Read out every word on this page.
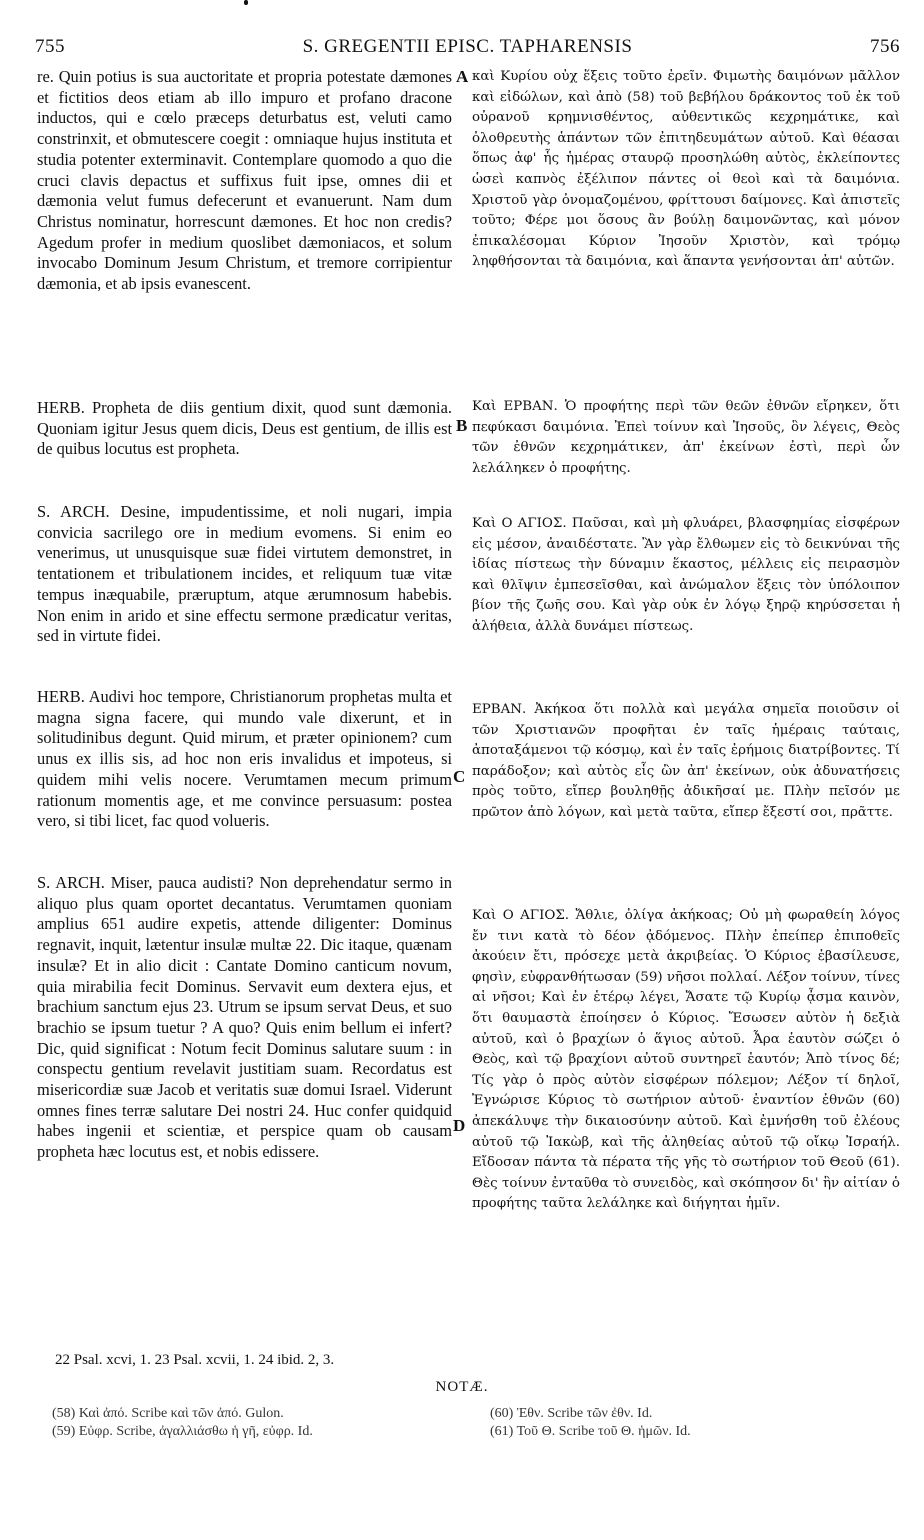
755	S. GREGENTII EPISC. TAPHARENSIS	756

re. Quin potius is sua auctoritate et propria potestate dæmones et fictitios deos etiam ab illo impuro et profano dracone inductos, qui e cœlo præceps deturbatus est, veluti camo constrinxit, et obmutescere coegit : omniaque hujus instituta et studia potenter exterminavit. Contemplare quomodo a quo die cruci clavis depactus et suffixus fuit ipse, omnes dii et dæmonia velut fumus defecerunt et evanuerunt. Nam dum Christus nominatur, horrescunt dæmones. Et hoc non credis? Agedum profer in medium quoslibet dæmoniacos, et solum invocabo Dominum Jesum Christum, et tremore corripientur dæmonia, et ab ipsis evanescent.

HERB. Propheta de diis gentium dixit, quod sunt dæmonia. Quoniam igitur Jesus quem dicis, Deus est gentium, de illis est de quibus locutus est propheta.

S. ARCH. Desine, impudentissime, et noli nugari, impia convicia sacrilego ore in medium evomens. Si enim eo venerimus, ut unusquisque suæ fidei virtutem demonstret, in tentationem et tribulationem incides, et reliquum tuæ vitæ tempus inæquabile, præruptum, atque ærumnosum habebis. Non enim in arido et sine effectu sermone prædicatur veritas, sed in virtute fidei.

HERB. Audivi hoc tempore, Christianorum prophetas multa et magna signa facere, qui mundo vale dixerunt, et in solitudinibus degunt. Quid mirum, et præter opinionem? cum unus ex illis sis, ad hoc non eris invalidus et impoteus, si quidem mihi velis nocere. Verumtamen mecum primum rationum momentis age, et me convince persuasum: postea vero, si tibi licet, fac quod volueris.

S. ARCH. Miser, pauca audisti? Non deprehendatur sermo in aliquo plus quam oportet decantatus. Verumtamen quoniam amplius 651 audire expetis, attende diligenter: Dominus regnavit, inquit, lætentur insulæ multæ 22. Dic itaque, quænam insulæ? Et in alio dicit : Cantate Domino canticum novum, quia mirabilia fecit Dominus. Servavit eum dextera ejus, et brachium sanctum ejus 23. Utrum se ipsum servat Deus, et suo brachio se ipsum tuetur ? A quo? Quis enim bellum ei infert? Dic, quid significat : Notum fecit Dominus salutare suum : in conspectu gentium revelavit justitiam suam. Recordatus est misericordiæ suæ Jacob et veritatis suæ domui Israel. Viderunt omnes fines terræ salutare Dei nostri 24. Huc confer quidquid habes ingenii et scientiæ, et perspice quam ob causam propheta hæc locutus est, et nobis edissere.

A
B
C
D

καὶ Κυρίου οὐχ ἕξεις τοῦτο ἐρεῖν. Φιμωτὴς δαιμόνων μᾶλλον καὶ εἰδώλων, καὶ ἀπὸ (58) τοῦ βεβήλου δράκοντος τοῦ ἐκ τοῦ οὐρανοῦ κρημνισθέντος, αὐθεντικῶς κεχρημάτικε, καὶ ὀλοθρευτὴς ἁπάντων τῶν ἐπιτηδευμάτων αὐτοῦ. Καὶ θέασαι ὅπως ἀφ' ἧς ἡμέρας σταυρῷ προσηλώθη αὐτὸς, ἐκλείποντες ὡσεὶ καπνὸς ἐξέλιπον πάντες οἱ θεοὶ καὶ τὰ δαιμόνια. Χριστοῦ γὰρ ὀνομαζομένου, φρίττουσι δαίμονες. Καὶ ἀπιστεῖς τοῦτο; Φέρε μοι ὅσους ἂν βούλῃ δαιμονῶντας, καὶ μόνον ἐπικαλέσομαι Κύριον Ἰησοῦν Χριστὸν, καὶ τρόμῳ ληφθήσονται τὰ δαιμόνια, καὶ ἅπαντα γενήσονται ἀπ' αὐτῶν.

Καὶ ΕΡΒΑΝ. Ὁ προφήτης περὶ τῶν θεῶν ἐθνῶν εἴρηκεν, ὅτι πεφύκασι δαιμόνια. Ἐπεὶ τοίνυν καὶ Ἰησοῦς, ὃν λέγεις, Θεὸς τῶν ἐθνῶν κεχρημάτικεν, ἀπ' ἐκείνων ἐστὶ, περὶ ὧν λελάληκεν ὁ προφήτης.

Καὶ Ο ΑΓΙΟΣ. Παῦσαι, καὶ μὴ φλυάρει, βλασφημίας εἰσφέρων εἰς μέσον, ἀναιδέστατε. Ἂν γὰρ ἔλθωμεν εἰς τὸ δεικνύναι τῆς ἰδίας πίστεως τὴν δύναμιν ἕκαστος, μέλλεις εἰς πειρασμὸν καὶ θλῖψιν ἐμπεσεῖσθαι, καὶ ἀνώμαλον ἕξεις τὸν ὑπόλοιπον βίον τῆς ζωῆς σου. Καὶ γὰρ οὐκ ἐν λόγῳ ξηρῷ κηρύσσεται ἡ ἀλήθεια, ἀλλὰ δυνάμει πίστεως.

ΕΡΒΑΝ. Ἀκήκοα ὅτι πολλὰ καὶ μεγάλα σημεῖα ποιοῦσιν οἱ τῶν Χριστιανῶν προφῆται ἐν ταῖς ἡμέραις ταύταις, ἀποταξάμενοι τῷ κόσμῳ, καὶ ἐν ταῖς ἐρήμοις διατρίβοντες. Τί παράδοξον; καὶ αὐτὸς εἷς ὢν ἀπ' ἐκείνων, οὐκ ἀδυνατήσεις πρὸς τοῦτο, εἴπερ βουληθῇς ἀδικῆσαί με. Πλὴν πεῖσόν με πρῶτον ἀπὸ λόγων, καὶ μετὰ ταῦτα, εἴπερ ἔξεστί σοι, πρᾶττε.

Καὶ Ο ΑΓΙΟΣ. Ἄθλιε, ὀλίγα ἀκήκοας; Οὐ μὴ φωραθείη λόγος ἔν τινι κατὰ τὸ δέον ᾀδόμενος. Πλὴν ἐπείπερ ἐπιποθεῖς ἀκούειν ἔτι, πρόσεχε μετὰ ἀκριβείας. Ὁ Κύριος ἐβασίλευσε, φησὶν, εὐφρανθήτωσαν (59) νῆσοι πολλαί. Λέξον τοίνυν, τίνες αἱ νῆσοι; Καὶ ἐν ἑτέρῳ λέγει, Ἄσατε τῷ Κυρίῳ ᾆσμα καινὸν, ὅτι θαυμαστὰ ἐποίησεν ὁ Κύριος. Ἔσωσεν αὐτὸν ἡ δεξιὰ αὐτοῦ, καὶ ὁ βραχίων ὁ ἅγιος αὐτοῦ. Ἆρα ἑαυτὸν σώζει ὁ Θεὸς, καὶ τῷ βραχίονι αὐτοῦ συντηρεῖ ἑαυτόν; Ἀπὸ τίνος δέ; Τίς γὰρ ὁ πρὸς αὐτὸν εἰσφέρων πόλεμον; Λέξον τί δηλοῖ, Ἐγνώρισε Κύριος τὸ σωτήριον αὐτοῦ· ἐναντίον ἐθνῶν (60) ἀπεκάλυψε τὴν δικαιοσύνην αὐτοῦ. Καὶ ἐμνήσθη τοῦ ἐλέους αὐτοῦ τῷ Ἰακὼβ, καὶ τῆς ἀληθείας αὐτοῦ τῷ οἴκῳ Ἰσραήλ. Εἴδοσαν πάντα τὰ πέρατα τῆς γῆς τὸ σωτήριον τοῦ Θεοῦ (61). Θὲς τοίνυν ἐνταῦθα τὸ συνειδὸς, καὶ σκόπησον δι' ἣν αἰτίαν ὁ προφήτης ταῦτα λελάληκε καὶ διήγηται ἡμῖν.

22 Psal. xcvi, 1. 23 Psal. xcvii, 1. 24 ibid. 2, 3.
NOTÆ.
(58) Καὶ ἀπό. Scribe καὶ τῶν ἀπό. Gulon.
(59) Εὐφρ. Scribe, ἀγαλλιάσθω ἡ γῆ, εὐφρ. Id.
(60) Ἐθν. Scribe τῶν ἐθν. Id.
(61) Τοῦ Θ. Scribe τοῦ Θ. ἡμῶν. Id.
